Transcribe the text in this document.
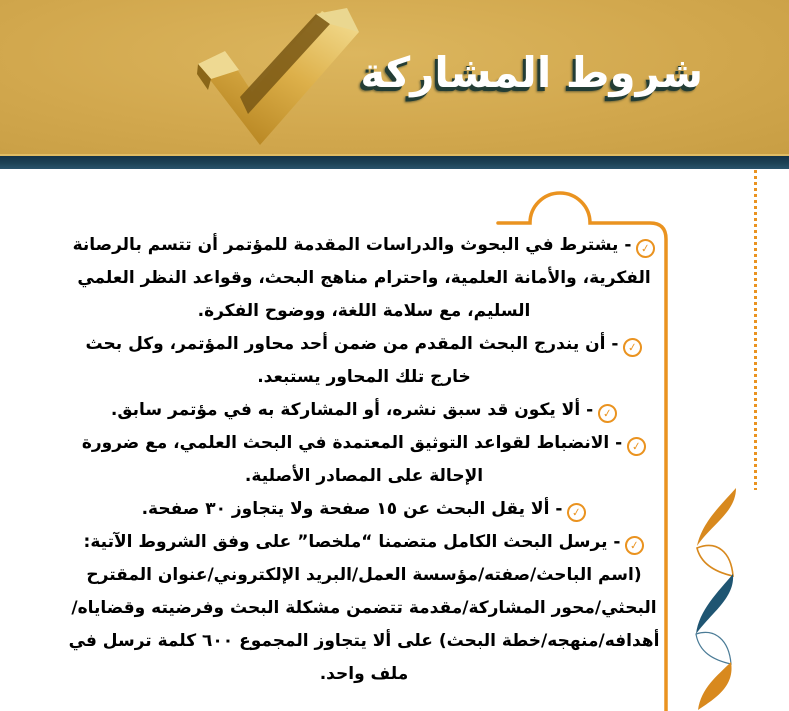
شروط المشاركة

✓- يشترط في البحوث والدراسات المقدمة للمؤتمر أن تتسم بالرصانة الفكرية، والأمانة العلمية، واحترام مناهج البحث، وقواعد النظر العلمي السليم، مع سلامة اللغة، ووضوح الفكرة.

✓- أن يندرج البحث المقدم من ضمن أحد محاور المؤتمر، وكل بحث خارج تلك المحاور يستبعد.

✓- ألا يكون قد سبق نشره، أو المشاركة به في مؤتمر سابق.

✓- الانضباط لقواعد التوثيق المعتمدة في البحث العلمي، مع ضرورة الإحالة على المصادر الأصلية.

✓- ألا يقل البحث عن ١٥ صفحة ولا يتجاوز ٣٠ صفحة.

✓- يرسل البحث الكامل متضمنا “ملخصا” على وفق الشروط الآتية: (اسم الباحث/صفته/مؤسسة العمل/البريد الإلكتروني/عنوان المقترح البحثي/محور المشاركة/مقدمة تتضمن مشكلة البحث وفرضيته وقضاياه/أهدافه/منهجه/خطة البحث) على ألا يتجاوز المجموع ٦٠٠ كلمة ترسل في ملف واحد.
